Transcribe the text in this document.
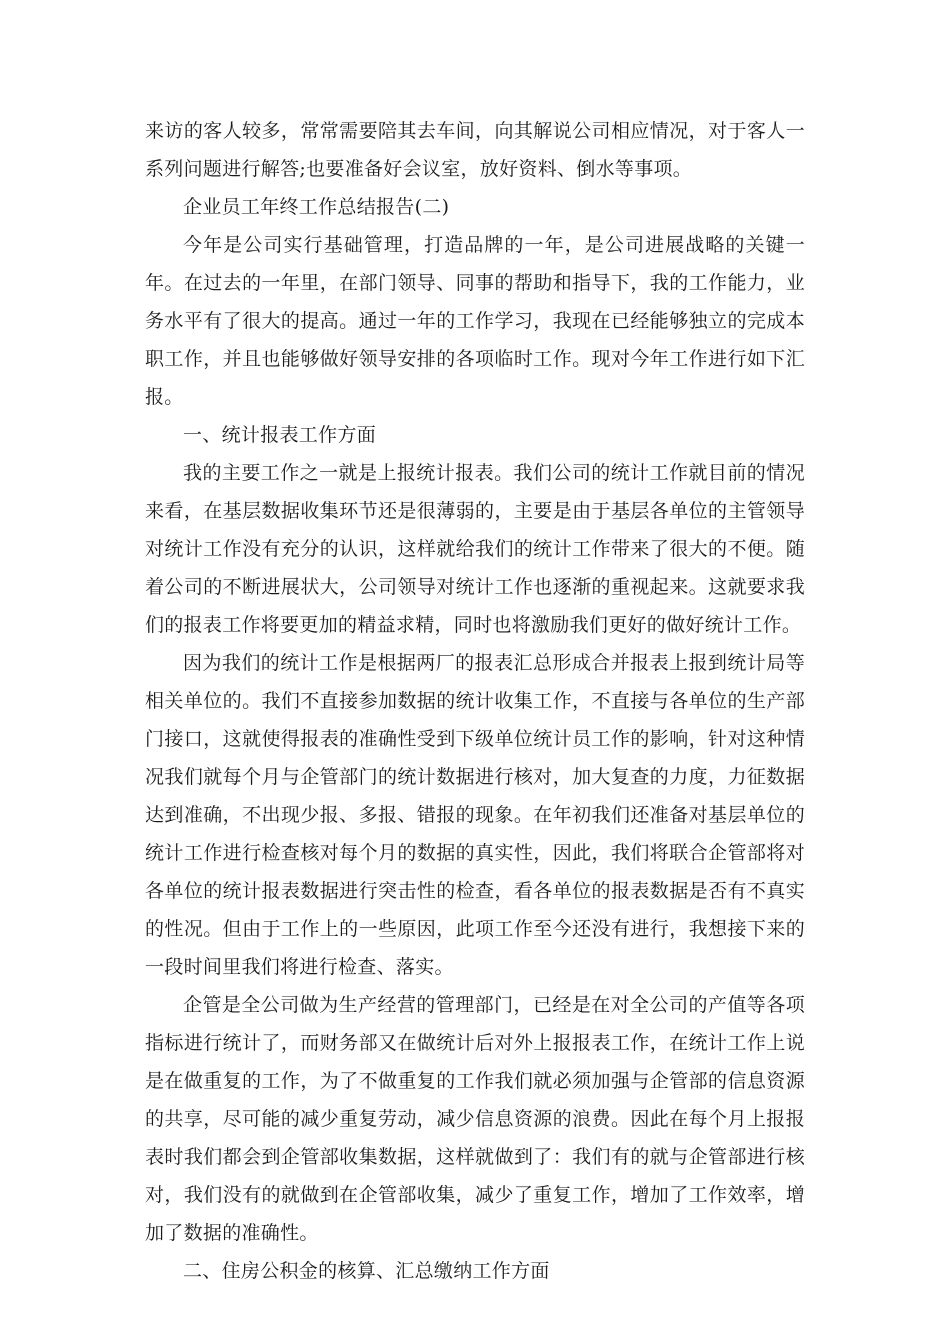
来访的客人较多，常常需要陪其去车间，向其解说公司相应情况，对于客人一系列问题进行解答;也要准备好会议室，放好资料、倒水等事项。

企业员工年终工作总结报告(二)

今年是公司实行基础管理，打造品牌的一年，是公司进展战略的关键一年。在过去的一年里，在部门领导、同事的帮助和指导下，我的工作能力，业务水平有了很大的提高。通过一年的工作学习，我现在已经能够独立的完成本职工作，并且也能够做好领导安排的各项临时工作。现对今年工作进行如下汇报。

一、统计报表工作方面

我的主要工作之一就是上报统计报表。我们公司的统计工作就目前的情况来看，在基层数据收集环节还是很薄弱的，主要是由于基层各单位的主管领导对统计工作没有充分的认识，这样就给我们的统计工作带来了很大的不便。随着公司的不断进展状大，公司领导对统计工作也逐渐的重视起来。这就要求我们的报表工作将要更加的精益求精，同时也将激励我们更好的做好统计工作。

因为我们的统计工作是根据两厂的报表汇总形成合并报表上报到统计局等相关单位的。我们不直接参加数据的统计收集工作，不直接与各单位的生产部门接口，这就使得报表的准确性受到下级单位统计员工作的影响，针对这种情况我们就每个月与企管部门的统计数据进行核对，加大复查的力度，力征数据达到准确，不出现少报、多报、错报的现象。在年初我们还准备对基层单位的统计工作进行检查核对每个月的数据的真实性，因此，我们将联合企管部将对各单位的统计报表数据进行突击性的检查，看各单位的报表数据是否有不真实的性况。但由于工作上的一些原因，此项工作至今还没有进行，我想接下来的一段时间里我们将进行检查、落实。

企管是全公司做为生产经营的管理部门，已经是在对全公司的产值等各项指标进行统计了，而财务部又在做统计后对外上报报表工作，在统计工作上说是在做重复的工作，为了不做重复的工作我们就必须加强与企管部的信息资源的共享，尽可能的减少重复劳动，减少信息资源的浪费。因此在每个月上报报表时我们都会到企管部收集数据，这样就做到了：我们有的就与企管部进行核对，我们没有的就做到在企管部收集，减少了重复工作，增加了工作效率，增加了数据的准确性。

二、住房公积金的核算、汇总缴纳工作方面
